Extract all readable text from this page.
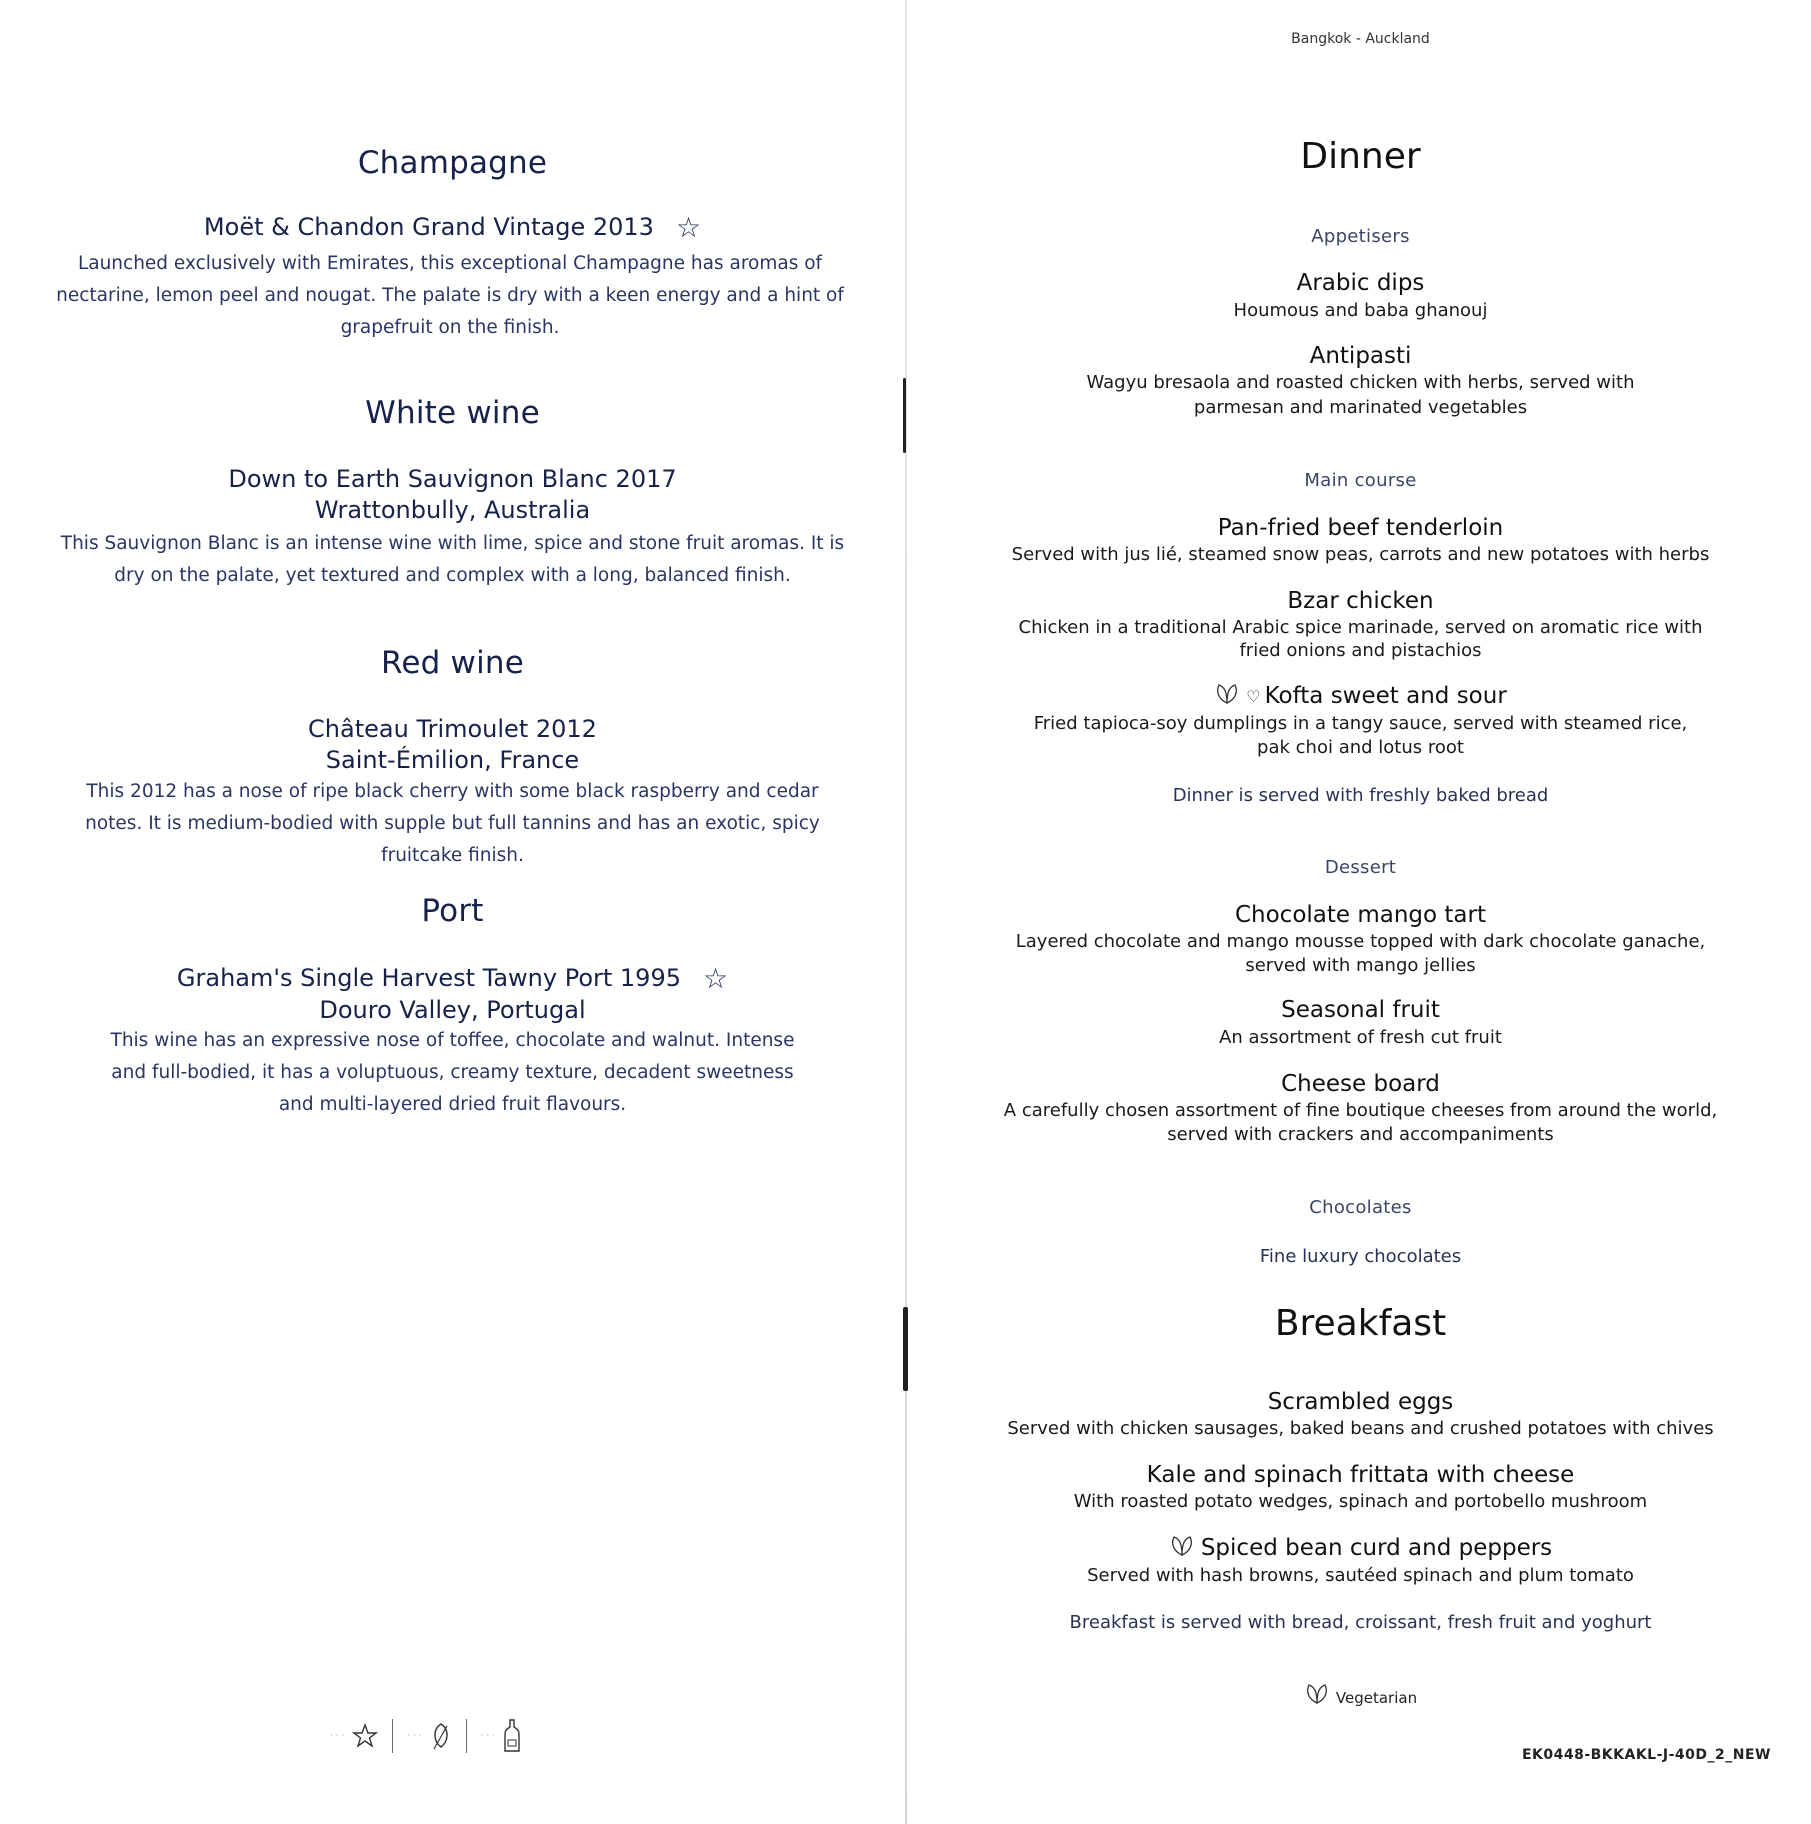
Champagne
Moët & Chandon Grand Vintage 2013 ☆
Launched exclusively with Emirates, this exceptional Champagne has aromas of nectarine, lemon peel and nougat. The palate is dry with a keen energy and a hint of grapefruit on the finish.
White wine
Down to Earth Sauvignon Blanc 2017
Wrattonbully, Australia
This Sauvignon Blanc is an intense wine with lime, spice and stone fruit aromas. It is dry on the palate, yet textured and complex with a long, balanced finish.
Red wine
Château Trimoulet 2012
Saint-Émilion, France
This 2012 has a nose of ripe black cherry with some black raspberry and cedar notes. It is medium-bodied with supple but full tannins and has an exotic, spicy fruitcake finish.
Port
Graham's Single Harvest Tawny Port 1995 ☆
Douro Valley, Portugal
This wine has an expressive nose of toffee, chocolate and walnut. Intense and full-bodied, it has a voluptuous, creamy texture, decadent sweetness and multi-layered dried fruit flavours.
· · ·	· · ·	· · ·
Bangkok - Auckland
Dinner
Appetisers
Arabic dips
Houmous and baba ghanouj
Antipasti
Wagyu bresaola and roasted chicken with herbs, served with
parmesan and marinated vegetables
Main course
Pan-fried beef tenderloin
Served with jus lié, steamed snow peas, carrots and new potatoes with herbs
Bzar chicken
Chicken in a traditional Arabic spice marinade, served on aromatic rice with
fried onions and pistachios
♡ Kofta sweet and sour
Fried tapioca-soy dumplings in a tangy sauce, served with steamed rice,
pak choi and lotus root
Dinner is served with freshly baked bread
Dessert
Chocolate mango tart
Layered chocolate and mango mousse topped with dark chocolate ganache,
served with mango jellies
Seasonal fruit
An assortment of fresh cut fruit
Cheese board
A carefully chosen assortment of fine boutique cheeses from around the world,
served with crackers and accompaniments
Chocolates
Fine luxury chocolates
Breakfast
Scrambled eggs
Served with chicken sausages, baked beans and crushed potatoes with chives
Kale and spinach frittata with cheese
With roasted potato wedges, spinach and portobello mushroom
Spiced bean curd and peppers
Served with hash browns, sautéed spinach and plum tomato
Breakfast is served with bread, croissant, fresh fruit and yoghurt
Vegetarian
EK0448-BKKAKL-J-40D_2_NEW
